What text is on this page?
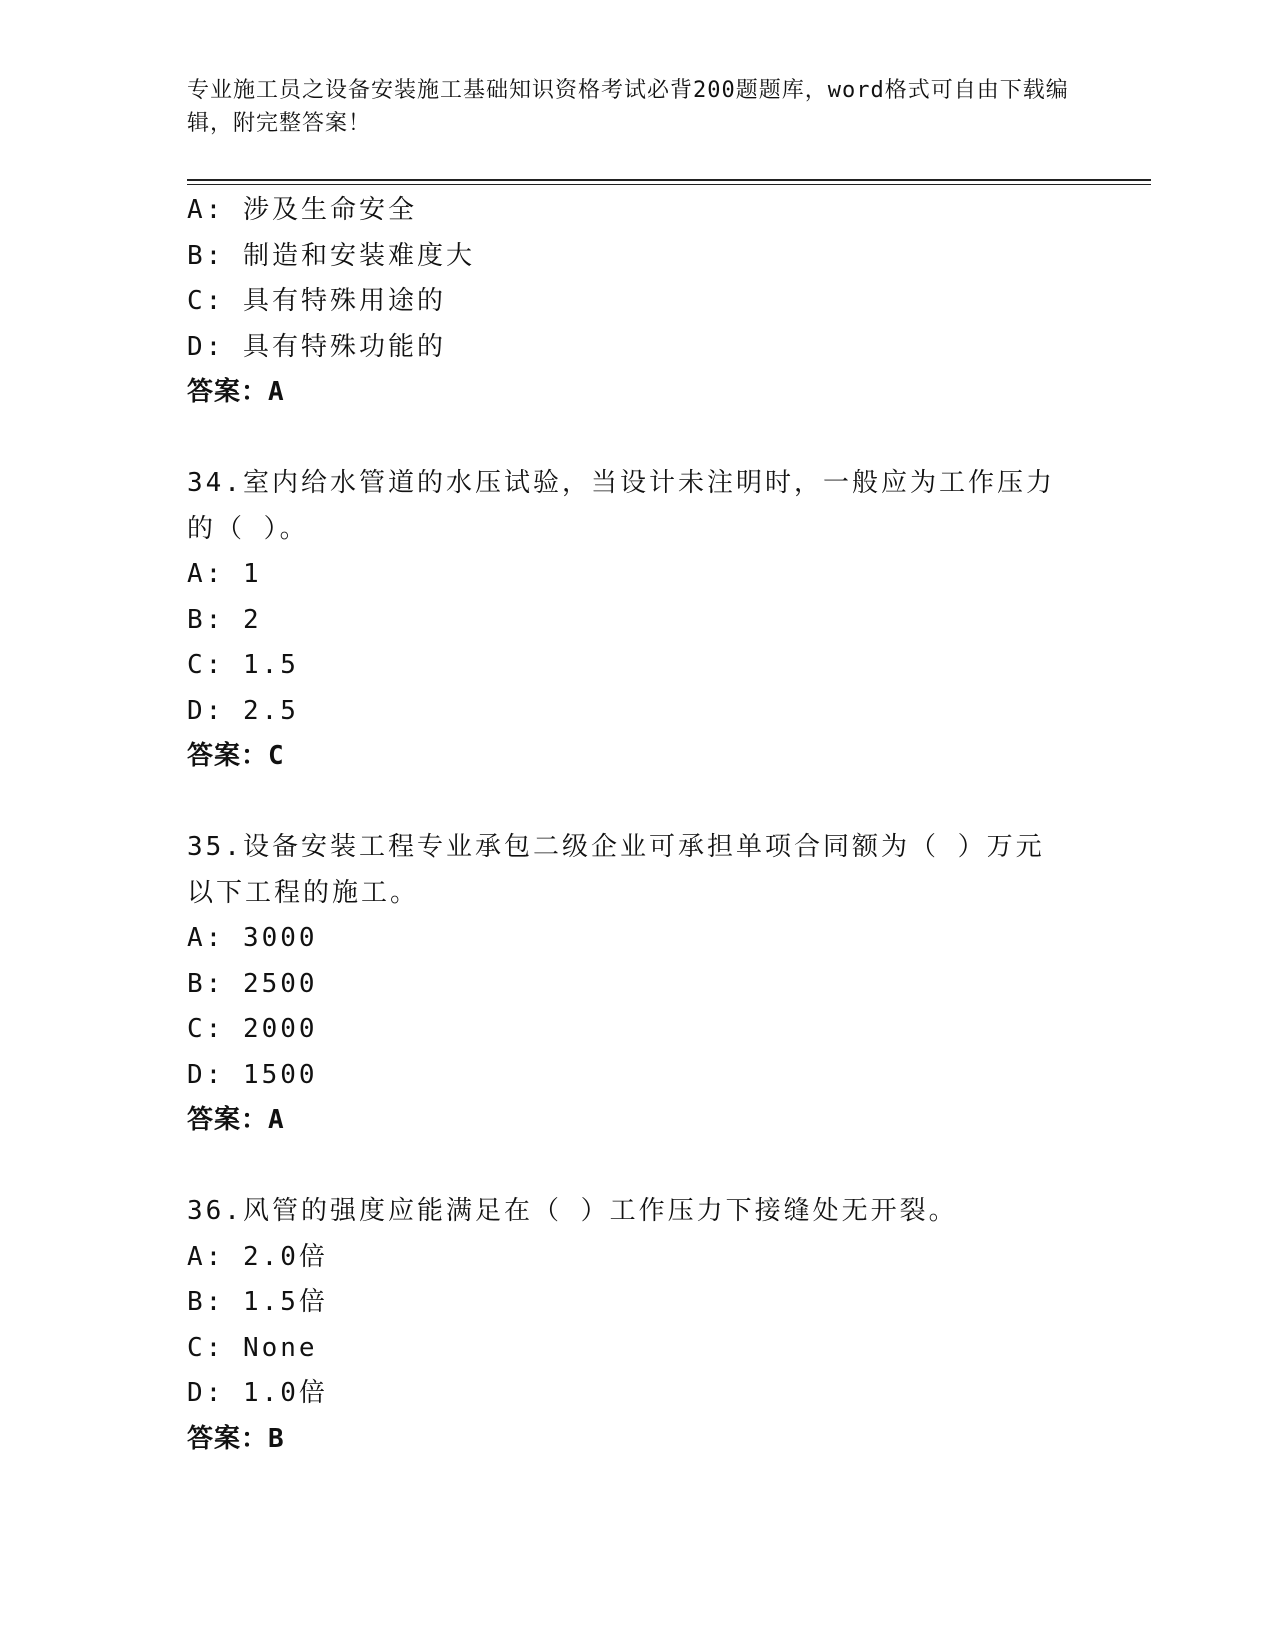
专业施工员之设备安装施工基础知识资格考试必背200题题库，word格式可自由下载编辑，附完整答案！
A: 涉及生命安全
B: 制造和安装难度大
C: 具有特殊用途的
D: 具有特殊功能的
答案：A
34.室内给水管道的水压试验，当设计未注明时，一般应为工作压力的（ ）。
A: 1
B: 2
C: 1.5
D: 2.5
答案：C
35.设备安装工程专业承包二级企业可承担单项合同额为（ ）万元以下工程的施工。
A: 3000
B: 2500
C: 2000
D: 1500
答案：A
36.风管的强度应能满足在（ ）工作压力下接缝处无开裂。
A: 2.0倍
B: 1.5倍
C: None
D: 1.0倍
答案：B
